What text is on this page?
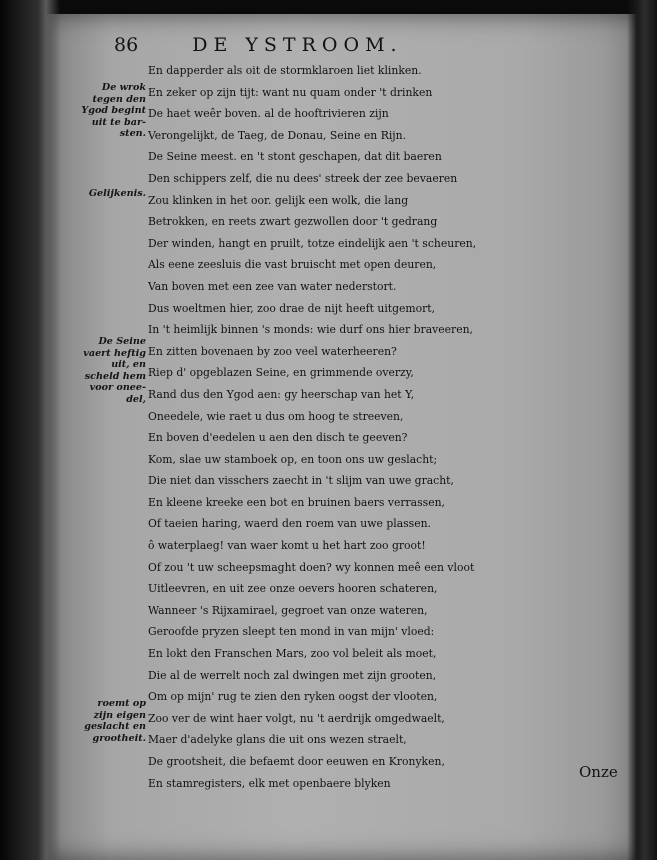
86	DE YSTROOM.
En dapperder als oit de stormklaroen liet klinken.
En zeker op zijn tijt: want nu quam onder 't drinken
De haet weêr boven. al de hooftrivieren zijn
Verongelijkt, de Taeg, de Donau, Seine en Rijn.
De Seine meest. en 't stont geschapen, dat dit baeren
Den schippers zelf, die nu dees' streek der zee bevaeren
Zou klinken in het oor. gelijk een wolk, die lang
Betrokken, en reets zwart gezwollen door 't gedrang
Der winden, hangt en pruilt, totze eindelijk aen 't scheuren,
Als eene zeesluis die vast bruischt met open deuren,
Van boven met een zee van water nederstort.
Dus woeltmen hier, zoo drae de nijt heeft uitgemort,
In 't heimlijk binnen 's monds: wie durf ons hier braveeren,
En zitten bovenaen by zoo veel waterheeren?
Riep d' opgeblazen Seine, en grimmende overzy,
Rand dus den Ygod aen: gy heerschap van het Y,
Oneedele, wie raet u dus om hoog te streeven,
En boven d'eedelen u aen den disch te geeven?
Kom, slae uw stamboek op, en toon ons uw geslacht;
Die niet dan visschers zaecht in 't slijm van uwe gracht,
En kleene kreeke een bot en bruinen baers verrassen,
Of taeien haring, waerd den roem van uwe plassen.
ô waterplaeg! van waer komt u het hart zoo groot!
Of zou 't uw scheepsmaght doen? wy konnen meê een vloot
Uitleevren, en uit zee onze oevers hooren schateren,
Wanneer 's Rijxamirael, gegroet van onze wateren,
Geroofde pryzen sleept ten mond in van mijn' vloed:
En lokt den Franschen Mars, zoo vol beleit als moet,
Die al de werrelt noch zal dwingen met zijn grooten,
Om op mijn' rug te zien den ryken oogst der vlooten,
Zoo ver de wint haer volgt, nu 't aerdrijk omgedwaelt,
Maer d'adelyke glans die uit ons wezen straelt,
De grootsheit, die befaemt door eeuwen en Kronyken,
En stamregisters, elk met openbaere blyken
De wrok
tegen den
Ygod begint
uit te bar-
sten.
Gelijkenis.
De Seine
vaert heftig
uit, en
scheld hem
voor onee-
del,
roemt op
zijn eigen
geslacht en
grootheit.
Onze
